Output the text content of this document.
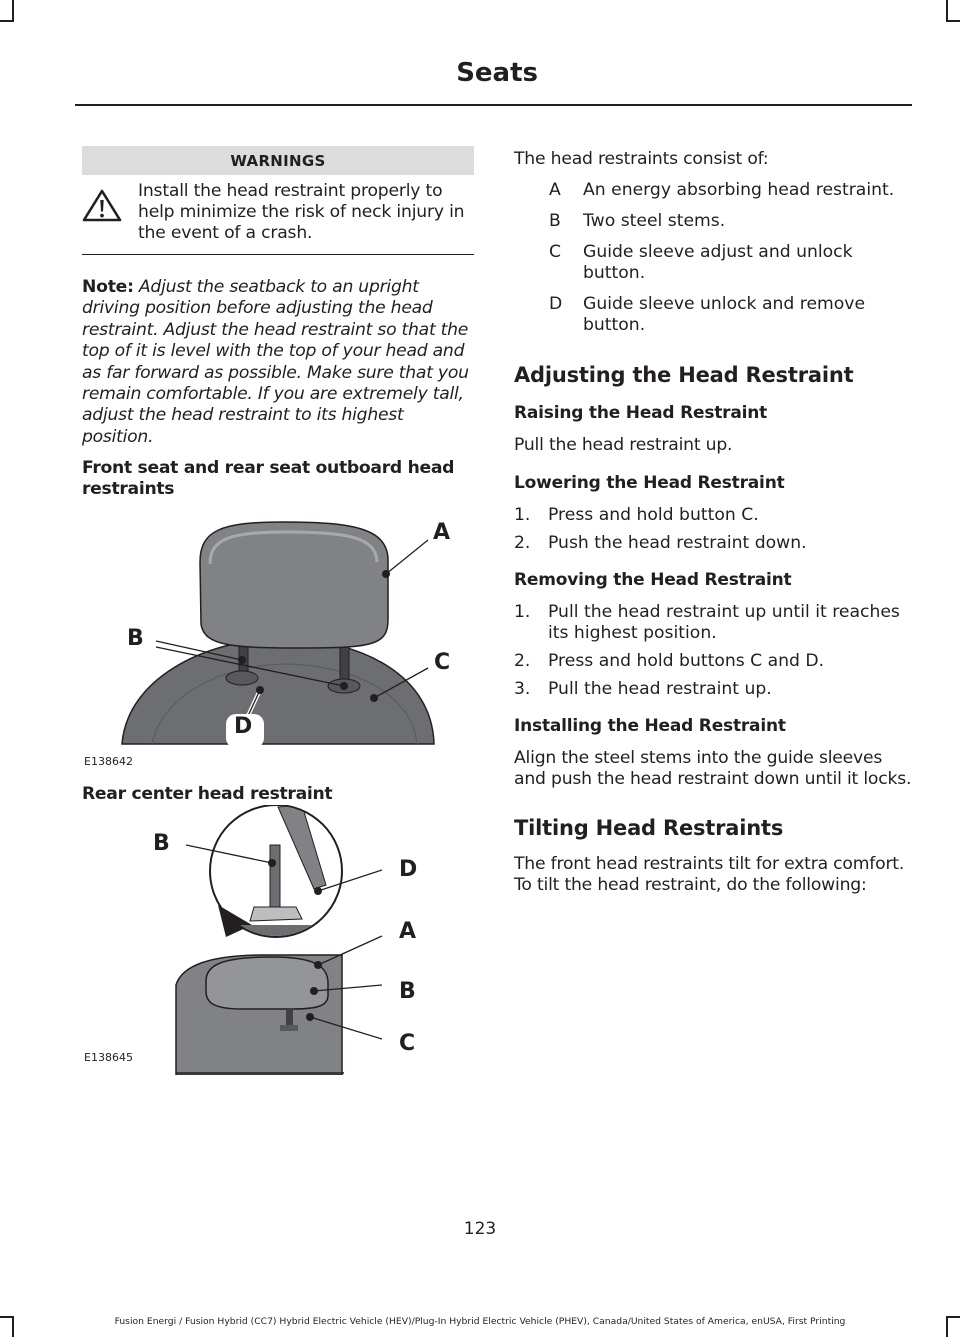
Seats
WARNINGS
Install the head restraint properly to help minimize the risk of neck injury in the event of a crash.

Note: Adjust the seatback to an upright driving position before adjusting the head restraint. Adjust the head restraint so that the top of it is level with the top of your head and as far forward as possible. Make sure that you remain comfortable. If you are extremely tall, adjust the head restraint to its highest position.

Front seat and rear seat outboard head restraints

A
B
C
D
E138642

Rear center head restraint

B
D
A
B
C
E138645

The head restraints consist of:

A	An energy absorbing head restraint.
B	Two steel stems.
C	Guide sleeve adjust and unlock button.
D	Guide sleeve unlock and remove button.
Adjusting the Head Restraint
Raising the Head Restraint

Pull the head restraint up.

Lowering the Head Restraint
1.	Press and hold button C.
2.	Push the head restraint down.
Removing the Head Restraint
1.	Pull the head restraint up until it reaches its highest position.
2.	Press and hold buttons C and D.
3.	Pull the head restraint up.
Installing the Head Restraint

Align the steel stems into the guide sleeves and push the head restraint down until it locks.

Tilting Head Restraints

The front head restraints tilt for extra comfort. To tilt the head restraint, do the following:

123
Fusion Energi / Fusion Hybrid (CC7) Hybrid Electric Vehicle (HEV)/Plug-In Hybrid Electric Vehicle (PHEV), Canada/United States of America, enUSA, First Printing
